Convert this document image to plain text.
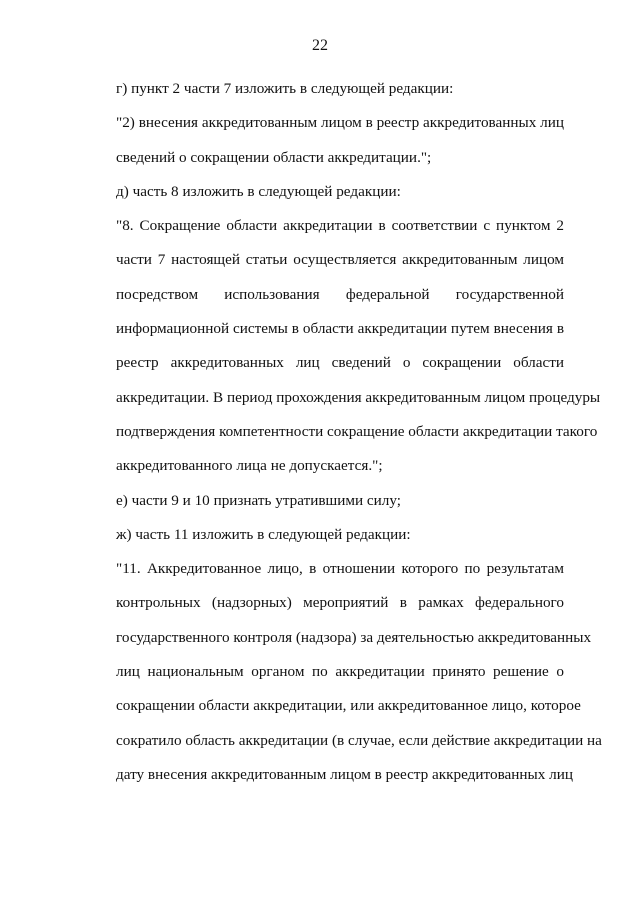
22
г) пункт 2 части 7 изложить в следующей редакции:
"2) внесения аккредитованным лицом в реестр аккредитованных лиц
сведений о сокращении области аккредитации.";
д) часть 8 изложить в следующей редакции:
"8. Сокращение области аккредитации в соответствии с пунктом 2
части 7 настоящей статьи осуществляется аккредитованным лицом
посредством использования федеральной государственной
информационной системы в области аккредитации путем внесения в
реестр аккредитованных лиц сведений о сокращении области
аккредитации. В период прохождения аккредитованным лицом процедуры
подтверждения компетентности сокращение области аккредитации такого
аккредитованного лица не допускается.";
е) части 9 и 10 признать утратившими силу;
ж) часть 11 изложить в следующей редакции:
"11. Аккредитованное лицо, в отношении которого по результатам
контрольных (надзорных) мероприятий в рамках федерального
государственного контроля (надзора) за деятельностью аккредитованных
лиц национальным органом по аккредитации принято решение о
сокращении области аккредитации, или аккредитованное лицо, которое
сократило область аккредитации (в случае, если действие аккредитации на
дату внесения аккредитованным лицом в реестр аккредитованных лиц
